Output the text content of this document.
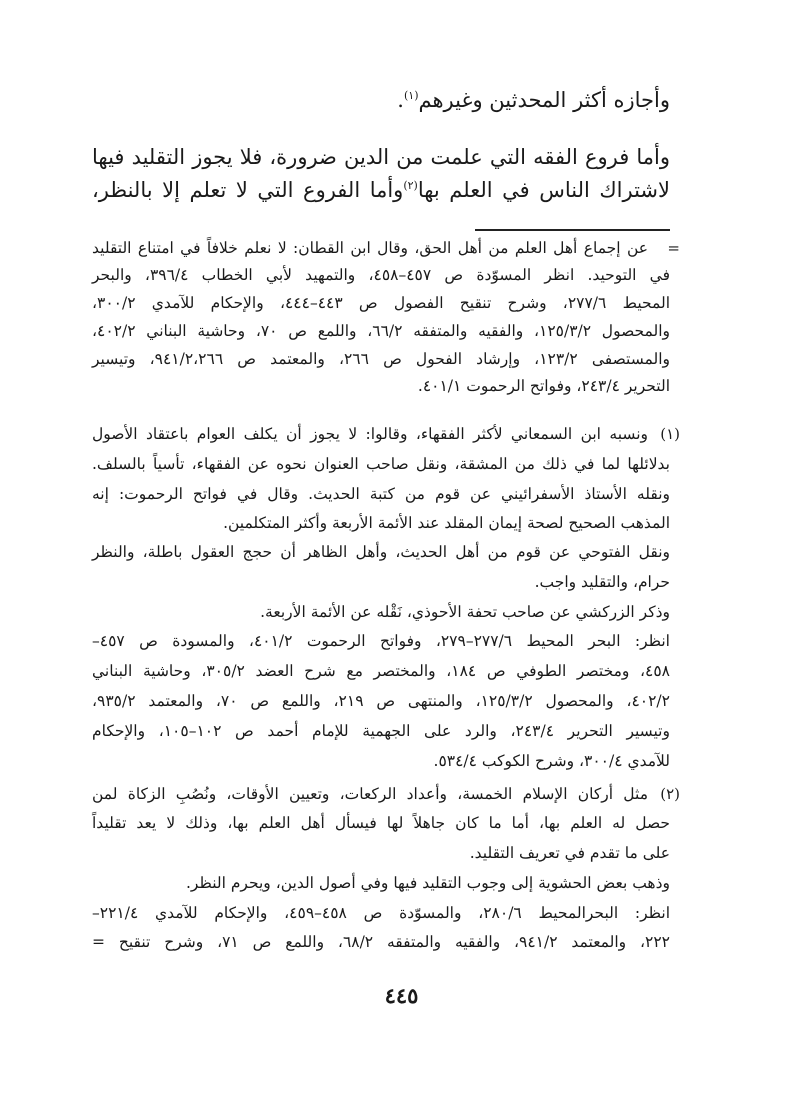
وأجازه أكثر المحدثين وغيرهم$^{(١)}$.
وأما فروع الفقه التي علمت من الدين ضرورة، فلا يجوز التقليد فيها
لاشتراك الناس في العلم بها$^{(٢)}$وأما الفروع التي لا تعلم إلا بالنظر،
=
عن إجماع أهل العلم من أهل الحق، وقال ابن القطان: لا نعلم خلافاً في امتناع التقليد
في التوحيد. انظر المسوّدة ص ٤٥٧–٤٥٨، والتمهيد لأبي الخطاب ٣٩٦/٤، والبحر
المحيط ٢٧٧/٦، وشرح تنقيح الفصول ص ٤٤٣–٤٤٤، والإحكام للآمدي ٣٠٠/٢،
والمحصول ١٢٥/٣/٢، والفقيه والمتفقه ٦٦/٢، واللمع ص ٧٠، وحاشية البناني ٤٠٢/٢،
والمستصفى ١٢٣/٢، وإرشاد الفحول ص ٢٦٦، والمعتمد ص ٩٤١/٢،٢٦٦، وتيسير
التحرير ٢٤٣/٤، وفواتح الرحموت ٤٠١/١.
(١)
ونسبه ابن السمعاني لأكثر الفقهاء، وقالوا: لا يجوز أن يكلف العوام باعتقاد الأصول
بدلائلها لما في ذلك من المشقة، ونقل صاحب العنوان نحوه عن الفقهاء، تأسياً بالسلف.
ونقله الأستاذ الأسفرائيني عن قوم من كتبة الحديث. وقال في فواتح الرحموت: إنه
المذهب الصحيح لصحة إيمان المقلد عند الأئمة الأربعة وأكثر المتكلمين.
ونقل الفتوحي عن قوم من أهل الحديث، وأهل الظاهر أن حجج العقول باطلة، والنظر
حرام، والتقليد واجب.
وذكر الزركشي عن صاحب تحفة الأحوذي، نَقْله عن الأئمة الأربعة.
انظر: البحر المحيط ٢٧٧/٦–٢٧٩، وفواتح الرحموت ٤٠١/٢، والمسودة ص ٤٥٧–
٤٥٨، ومختصر الطوفي ص ١٨٤، والمختصر مع شرح العضد ٣٠٥/٢، وحاشية البناني
٤٠٢/٢، والمحصول ١٢٥/٣/٢، والمنتهى ص ٢١٩، واللمع ص ٧٠، والمعتمد ٩٣٥/٢،
وتيسير التحرير ٢٤٣/٤، والرد على الجهمية للإمام أحمد ص ١٠٢–١٠٥، والإحكام
للآمدي ٣٠٠/٤، وشرح الكوكب ٥٣٤/٤.
(٢)
مثل أركان الإسلام الخمسة، وأعداد الركعات، وتعيين الأوقات، ونُصُبِ الزكاة لمن
حصل له العلم بها، أما ما كان جاهلاً لها فيسأل أهل العلم بها، وذلك لا يعد تقليداً
على ما تقدم في تعريف التقليد.
وذهب بعض الحشوية إلى وجوب التقليد فيها وفي أصول الدين، ويحرم النظر.
انظر: البحرالمحيط ٢٨٠/٦، والمسوّدة ص ٤٥٨–٤٥٩، والإحكام للآمدي ٢٢١/٤–
٢٢٢، والمعتمد ٩٤١/٢، والفقيه والمتفقه ٦٨/٢، واللمع ص ٧١، وشرح تنقيح =
٤٤٥
